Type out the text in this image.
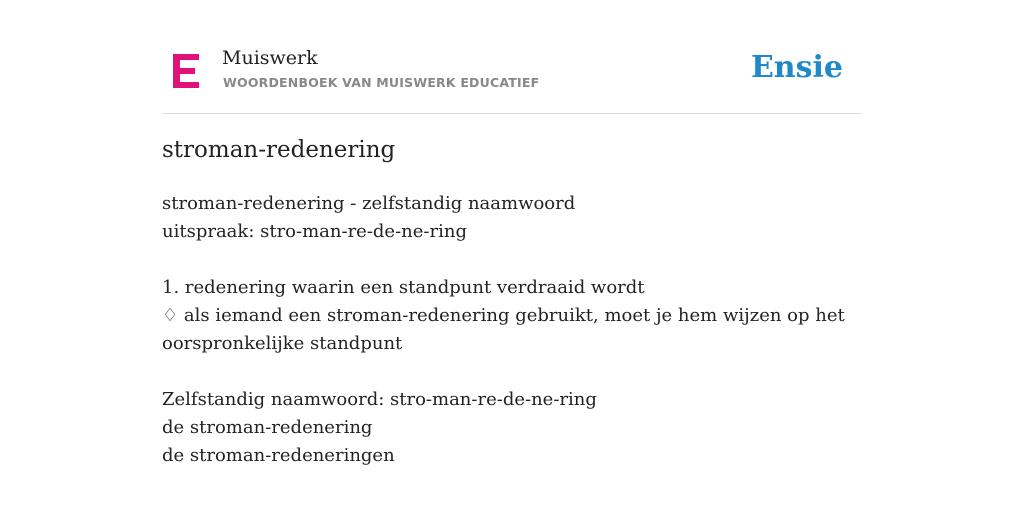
Muiswerk
WOORDENBOEK VAN MUISWERK EDUCATIEF	Ensie
stroman-redenering
stroman-redenering - zelfstandig naamwoord
uitspraak: stro-man-re-de-ne-ring
1. redenering waarin een standpunt verdraaid wordt
♢ als iemand een stroman-redenering gebruikt, moet je hem wijzen op het
oorspronkelijke standpunt
Zelfstandig naamwoord: stro-man-re-de-ne-ring
de stroman-redenering
de stroman-redeneringen
